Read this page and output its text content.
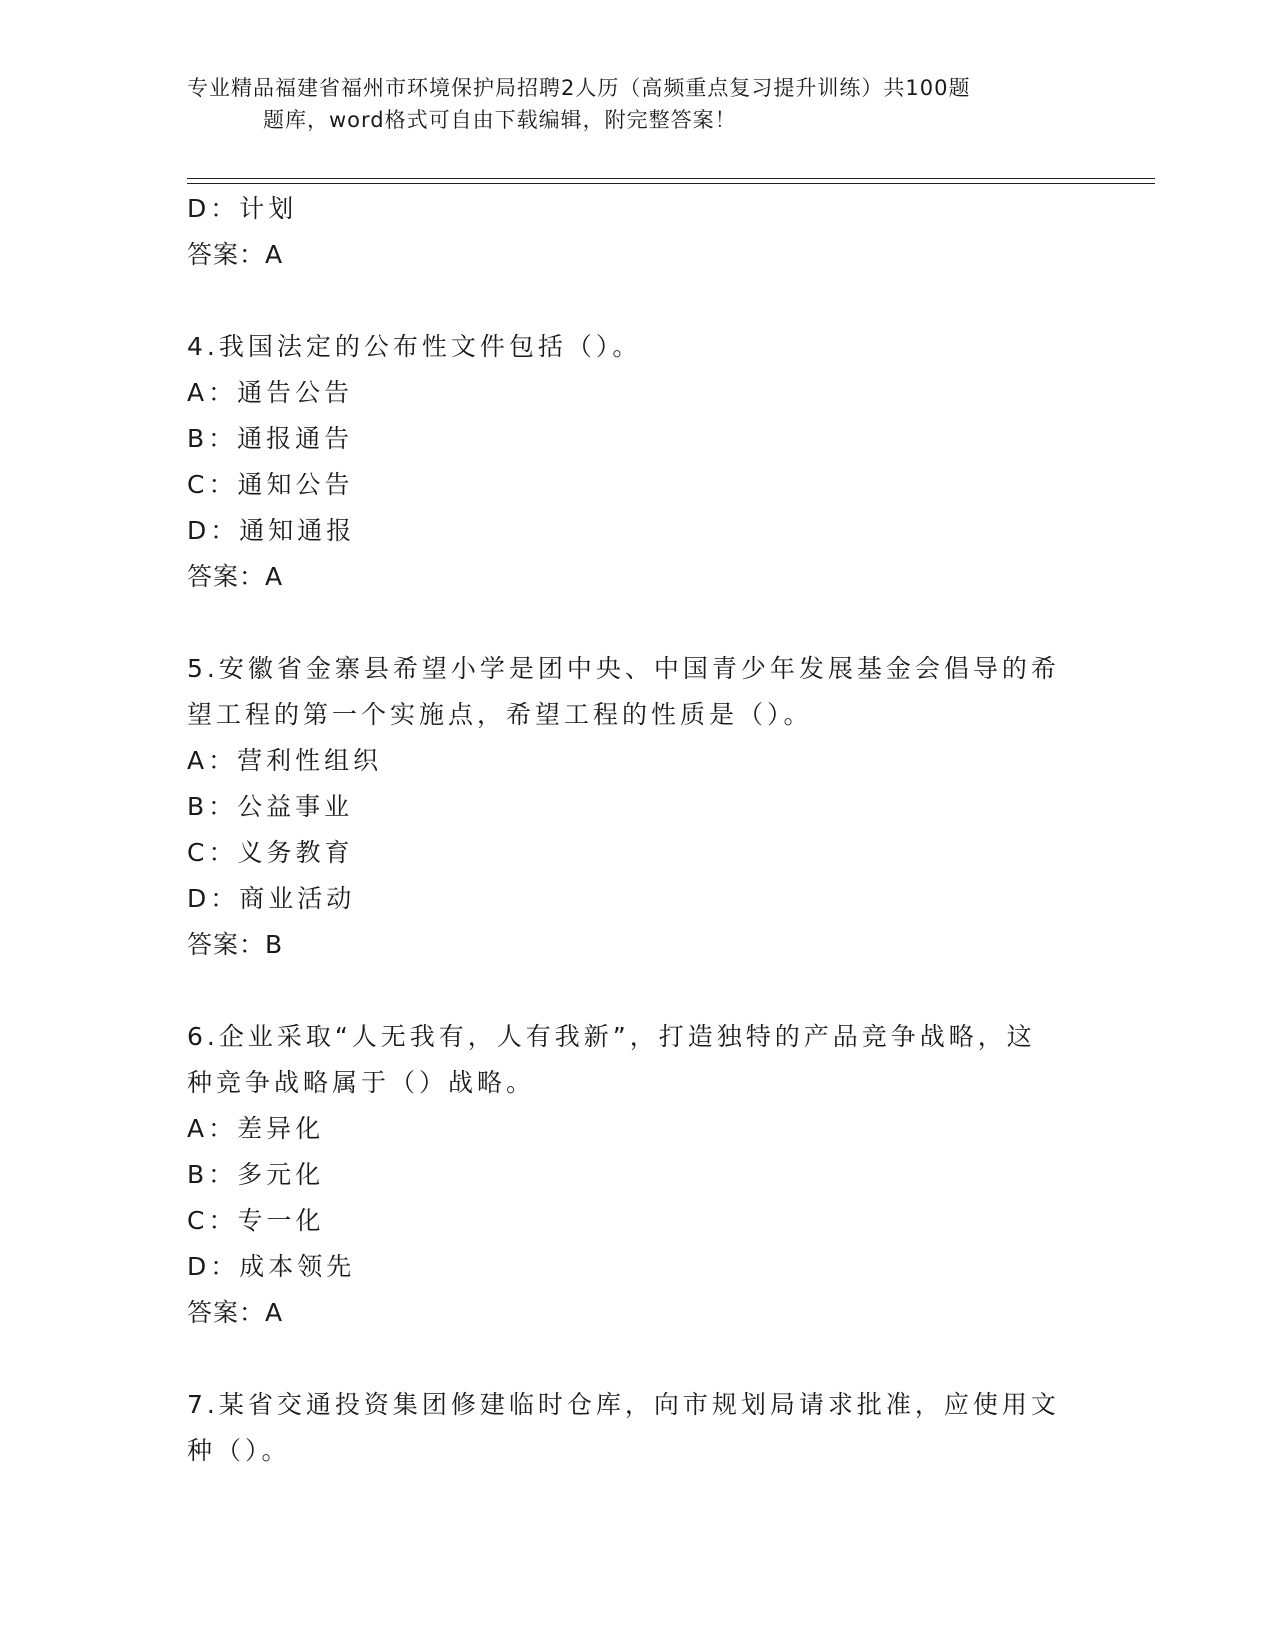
专业精品福建省福州市环境保护局招聘2人历（高频重点复习提升训练）共100题
题库，word格式可自由下载编辑，附完整答案！
D：计划
答案：A
4.我国法定的公布性文件包括（）。
A：通告公告
B：通报通告
C：通知公告
D：通知通报
答案：A
5.安徽省金寨县希望小学是团中央、中国青少年发展基金会倡导的希
望工程的第一个实施点，希望工程的性质是（）。
A：营利性组织
B：公益事业
C：义务教育
D：商业活动
答案：B
6.企业采取“人无我有，人有我新”，打造独特的产品竞争战略，这
种竞争战略属于（）战略。
A：差异化
B：多元化
C：专一化
D：成本领先
答案：A
7.某省交通投资集团修建临时仓库，向市规划局请求批准，应使用文
种（）。
